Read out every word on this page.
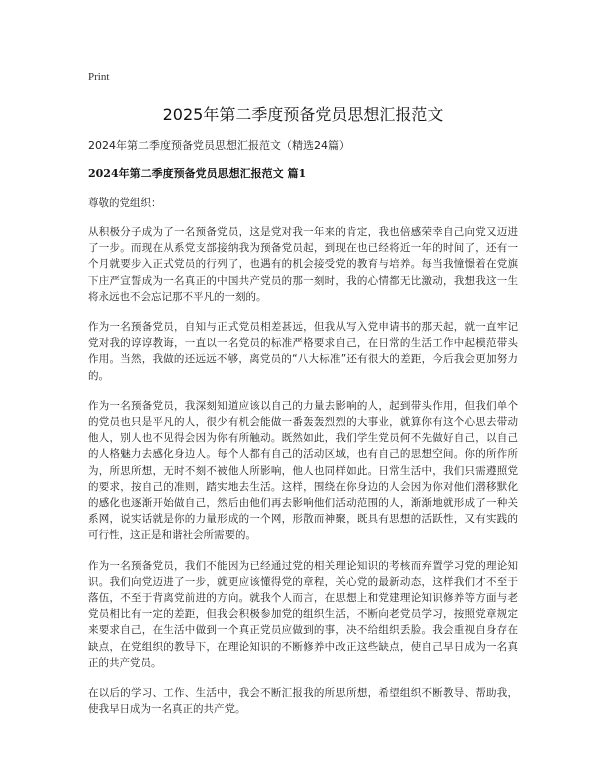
Print

2025年第二季度预备党员思想汇报范文

2024年第二季度预备党员思想汇报范文（精选24篇）

2024年第二季度预备党员思想汇报范文 篇1

尊敬的党组织：

从积极分子成为了一名预备党员，这是党对我一年来的肯定，我也倍感荣幸自己向党又迈进了一步。而现在从系党支部接纳我为预备党员起，到现在也已经将近一年的时间了，还有一个月就要步入正式党员的行列了，也遇有的机会接受党的教育与培养。每当我憧憬着在党旗下庄严宣誓成为一名真正的中国共产党员的那一刻时，我的心情都无比激动，我想我这一生将永远也不会忘记那不平凡的一刻的。

作为一名预备党员，自知与正式党员相差甚远，但我从写入党申请书的那天起，就一直牢记党对我的谆谆教诲，一直以一名党员的标准严格要求自己，在日常的生活工作中起模范带头作用。当然，我做的还远远不够，离党员的“八大标准”还有很大的差距，今后我会更加努力的。

作为一名预备党员，我深刻知道应该以自己的力量去影响的人，起到带头作用，但我们单个的党员也只是平凡的人，很少有机会能做一番轰轰烈烈的大事业，就算你有这个心思去带动他人，别人也不见得会因为你有所触动。既然如此，我们学生党员何不先做好自己，以自己的人格魅力去感化身边人。每个人都有自己的活动区域，也有自己的思想空间。你的所作所为，所思所想，无时不刻不被他人所影响，他人也同样如此。日常生活中，我们只需遵照党的要求，按自己的准则，踏实地去生活。这样，围绕在你身边的人会因为你对他们潜移默化的感化也逐渐开始做自己，然后由他们再去影响他们活动范围的人，渐渐地就形成了一种关系网，说实话就是你的力量形成的一个网，形散而神聚，既具有思想的活跃性，又有实践的可行性，这正是和谐社会所需要的。

作为一名预备党员，我们不能因为已经通过党的相关理论知识的考核而弃置学习党的理论知识。我们向党迈进了一步，就更应该懂得党的章程，关心党的最新动态，这样我们才不至于落伍，不至于背离党前进的方向。就我个人而言，在思想上和党建理论知识修养等方面与老党员相比有一定的差距，但我会积极参加党的组织生活，不断向老党员学习，按照党章规定来要求自己，在生活中做到一个真正党员应做到的事，决不给组织丢脸。我会重视自身存在缺点，在党组织的教导下，在理论知识的不断修养中改正这些缺点，使自己早日成为一名真正的共产党员。

在以后的学习、工作、生活中，我会不断汇报我的所思所想，希望组织不断教导、帮助我，使我早日成为一名真正的共产党。
